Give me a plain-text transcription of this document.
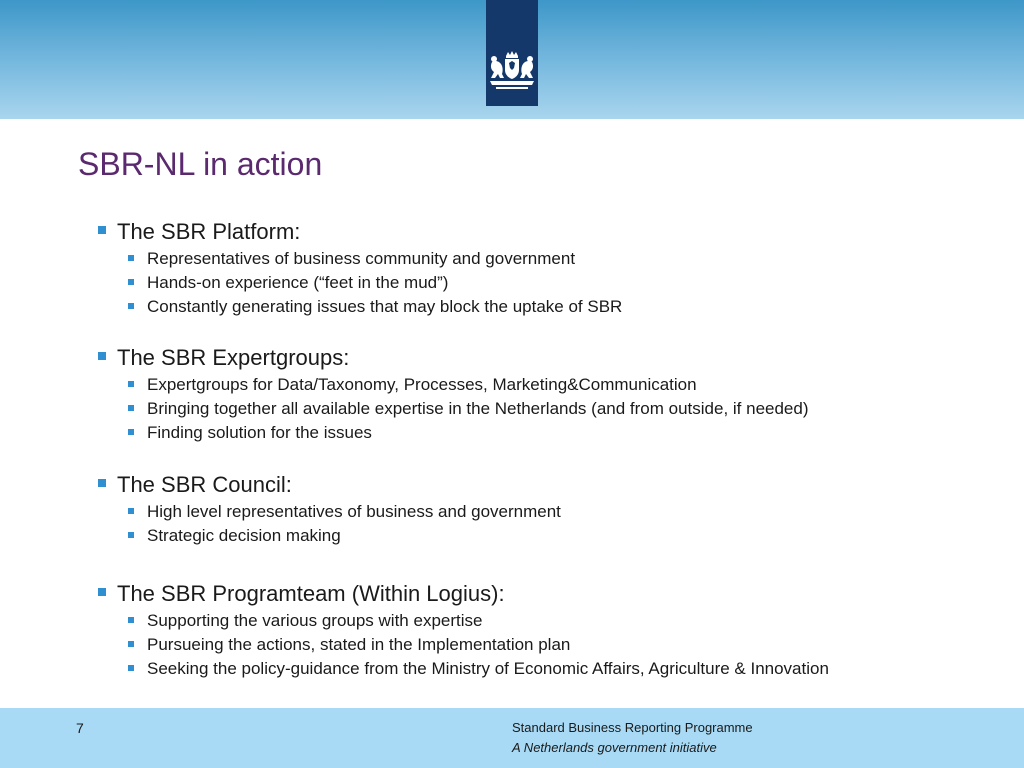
SBR-NL in action
The SBR Platform:
Representatives of business community and government
Hands-on experience (“feet in the mud”)
Constantly generating issues that may block the uptake of SBR
The SBR Expertgroups:
Expertgroups for Data/Taxonomy, Processes, Marketing&Communication
Bringing together all available expertise in the Netherlands (and from outside, if needed)
Finding solution for the issues
The SBR Council:
High level representatives of business and government
Strategic decision making
The SBR Programteam (Within Logius):
Supporting the various groups with expertise
Pursueing the actions, stated in the Implementation plan
Seeking the policy-guidance from the Ministry of Economic Affairs, Agriculture & Innovation
7	Standard Business Reporting Programme
A Netherlands government initiative
